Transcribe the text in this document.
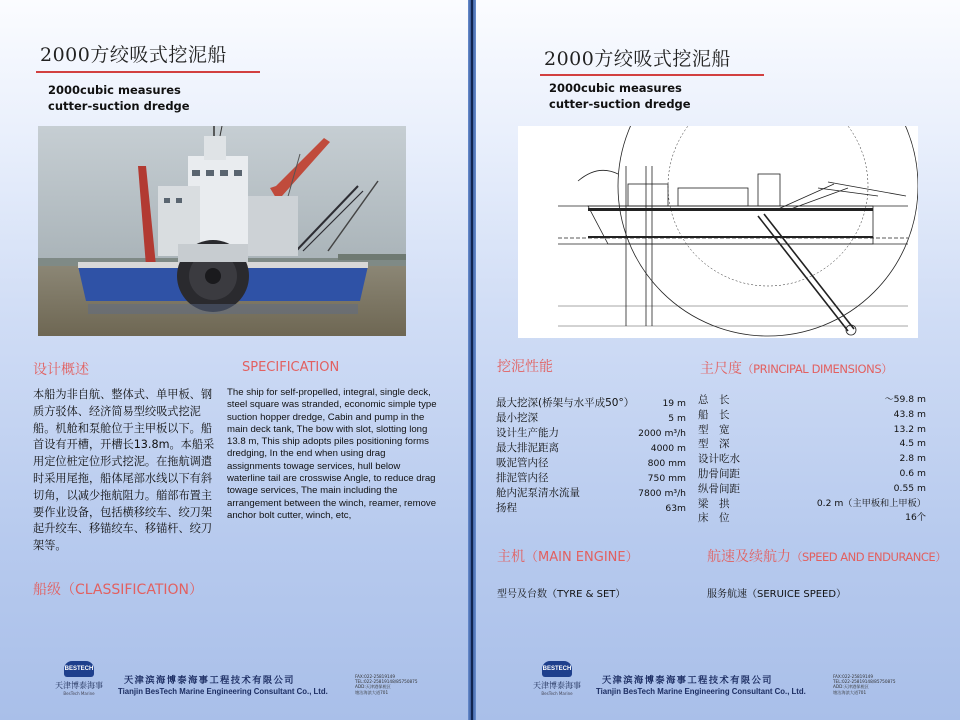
2000方绞吸式挖泥船
2000cubic measures
cutter-suction dredge
设计概述	SPECIFICATION
本船为非自航、整体式、单甲板、钢质方驳体、经济简易型绞吸式挖泥船。机舱和泵舱位于主甲板以下。船首设有开槽，开槽长13.8m。本船采用定位桩定位形式挖泥。在拖航调遣时采用尾拖，船体尾部水线以下有斜切角，以减少拖航阻力。艏部布置主要作业设备，包括横移绞车、绞刀架起升绞车、移锚绞车、移锚杆、绞刀架等。
The ship for self-propelled, integral, single deck, steel square was stranded, economic simple type suction hopper dredge, Cabin and pump in the main deck tank, The bow with slot, slotting long 13.8 m, This ship adopts piles positioning forms dredging, In the end when using drag assignments towage services, hull below waterline tail are crosswise Angle, to reduce drag towage services, The main including the arrangement between the winch, reamer, remove anchor bolt cutter, winch, etc,
船级（CLASSIFICATION）
BESTECH
天津博泰海事
BesTech Marine
天津滨海博泰海事工程技术有限公司
Tianjin BesTech Marine Engineering Consultant Co., Ltd.
FAX:022-25819149
TEL:022-25819148/85750875
ADD:天津港保税区
塘沽海滨大道701
2000方绞吸式挖泥船
2000cubic measures
cutter-suction dredge
挖泥性能	主尺度（PRINCIPAL DIMENSIONS）
最大挖深(桥架与水平成50°）	19 m
最小挖深	5 m
设计生产能力	2000 m³/h
最大排泥距离	4000 m
吸泥管内径	800 mm
排泥管内径	750 mm
舱内泥泵清水流量	7800 m³/h
扬程	63m
总　长	～59.8 m
船　长	43.8 m
型　宽	13.2 m
型　深	4.5 m
设计吃水	2.8 m
肋骨间距	0.6 m
纵骨间距	0.55 m
梁　拱	0.2 m（主甲板和上甲板）
床　位	16个
主机（MAIN ENGINE）	航速及续航力（SPEED AND ENDURANCE）
型号及台数（TYRE & SET）	服务航速（SERUICE SPEED）
BESTECH
天津博泰海事
BesTech Marine
天津滨海博泰海事工程技术有限公司
Tianjin BesTech Marine Engineering Consultant Co., Ltd.
FAX:022-25819149
TEL:022-25819148/85750875
ADD:天津港保税区
塘沽海滨大道701
